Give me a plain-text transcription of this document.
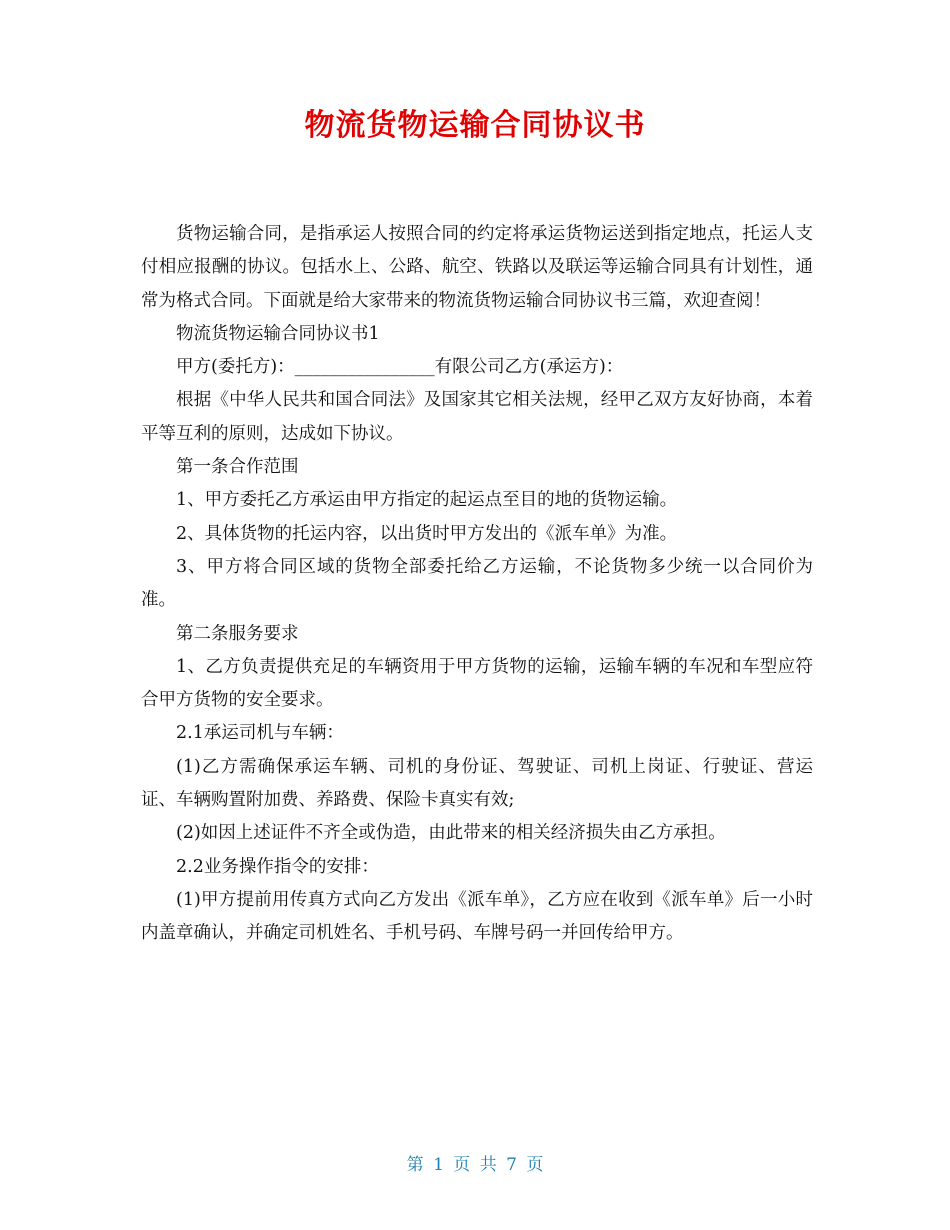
物流货物运输合同协议书

货物运输合同，是指承运人按照合同的约定将承运货物运送到指定地点，托运人支付相应报酬的协议。包括水上、公路、航空、铁路以及联运等运输合同具有计划性，通常为格式合同。下面就是给大家带来的物流货物运输合同协议书三篇，欢迎查阅！

物流货物运输合同协议书1

甲方(委托方)：________________有限公司乙方(承运方)：

根据《中华人民共和国合同法》及国家其它相关法规，经甲乙双方友好协商，本着平等互利的原则，达成如下协议。

第一条合作范围

1、甲方委托乙方承运由甲方指定的起运点至目的地的货物运输。

2、具体货物的托运内容，以出货时甲方发出的《派车单》为准。

3、甲方将合同区域的货物全部委托给乙方运输，不论货物多少统一以合同价为准。

第二条服务要求

1、乙方负责提供充足的车辆资用于甲方货物的运输，运输车辆的车况和车型应符合甲方货物的安全要求。

2.1承运司机与车辆：

(1)乙方需确保承运车辆、司机的身份证、驾驶证、司机上岗证、行驶证、营运证、车辆购置附加费、养路费、保险卡真实有效;

(2)如因上述证件不齐全或伪造，由此带来的相关经济损失由乙方承担。

2.2业务操作指令的安排：

(1)甲方提前用传真方式向乙方发出《派车单》，乙方应在收到《派车单》后一小时内盖章确认，并确定司机姓名、手机号码、车牌号码一并回传给甲方。

第 1 页 共 7 页
